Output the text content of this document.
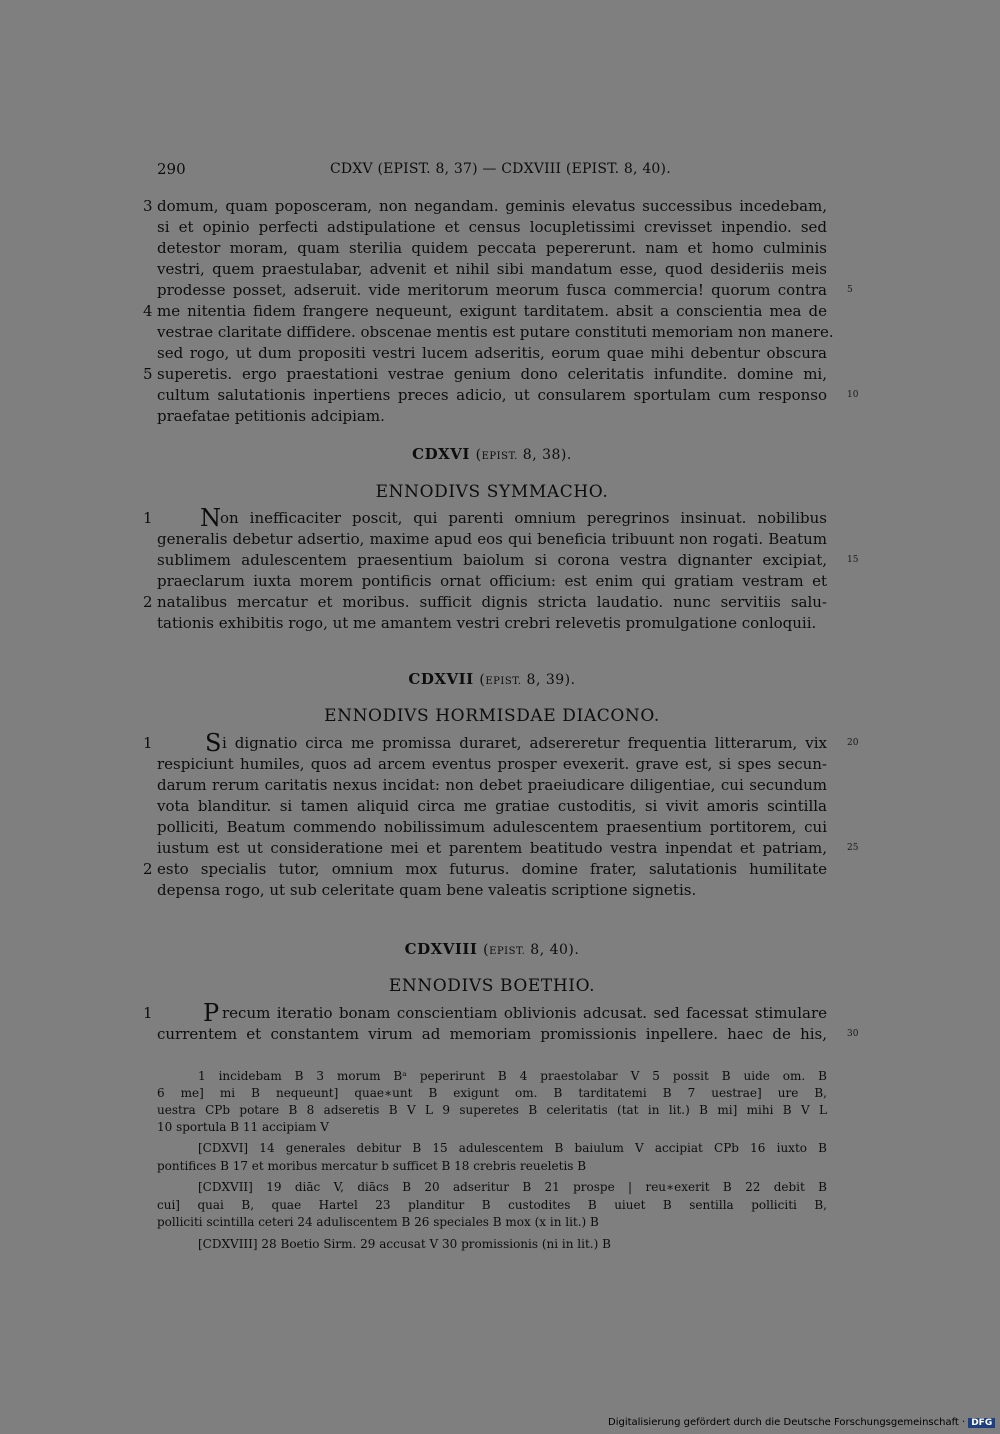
290	CDXV (EPIST. 8, 37) — CDXVIII (EPIST. 8, 40).
domum, quam poposceram, non negandam. geminis elevatus successibus incedebam,
si et opinio perfecti adstipulatione et census locupletissimi crevisset inpendio. sed
detestor moram, quam sterilia quidem peccata pepererunt. nam et homo culminis
vestri, quem praestulabar, advenit et nihil sibi mandatum esse, quod desideriis meis
prodesse posset, adseruit. vide meritorum meorum fusca commercia! quorum contra
me nitentia fidem frangere nequeunt, exigunt tarditatem. absit a conscientia mea de
vestrae claritate diffidere. obscenae mentis est putare constituti memoriam non manere.
sed rogo, ut dum propositi vestri lucem adseritis, eorum quae mihi debentur obscura
superetis. ergo praestationi vestrae genium dono celeritatis infundite. domine mi,
cultum salutationis inpertiens preces adicio, ut consularem sportulam cum responso
praefatae petitionis adcipiam.
3
4
5
5
10
CDXVI (EPIST. 8, 38).
ENNODIVS SYMMACHO.
N on inefficaciter poscit, qui parenti omnium peregrinos insinuat. nobilibus
generalis debetur adsertio, maxime apud eos qui beneficia tribuunt non rogati. Beatum
sublimem adulescentem praesentium baiolum si corona vestra dignanter excipiat,
praeclarum iuxta morem pontificis ornat officium: est enim qui gratiam vestram et
natalibus mercatur et moribus. sufficit dignis stricta laudatio. nunc servitiis salu-
tationis exhibitis rogo, ut me amantem vestri crebri relevetis promulgatione conloquii.
1
2
15
CDXVII (EPIST. 8, 39).
ENNODIVS HORMISDAE DIACONO.
S i dignatio circa me promissa duraret, adsereretur frequentia litterarum, vix
respiciunt humiles, quos ad arcem eventus prosper evexerit. grave est, si spes secun-
darum rerum caritatis nexus incidat: non debet praeiudicare diligentiae, cui secundum
vota blanditur. si tamen aliquid circa me gratiae custoditis, si vivit amoris scintilla
polliciti, Beatum commendo nobilissimum adulescentem praesentium portitorem, cui
iustum est ut consideratione mei et parentem beatitudo vestra inpendat et patriam,
esto specialis tutor, omnium mox futurus. domine frater, salutationis humilitate
depensa rogo, ut sub celeritate quam bene valeatis scriptione signetis.
1
2
20
25
CDXVIII (EPIST. 8, 40).
ENNODIVS BOETHIO.
P recum iteratio bonam conscientiam oblivionis adcusat. sed facessat stimulare
currentem et constantem virum ad memoriam promissionis inpellere. haec de his,
1
30
1 incidebam B 3 morum Bᵃ peperirunt B 4 praestolabar V 5 possit B uide om. B
6 me] mi B nequeunt] quae∗unt B exigunt om. B tarditatemi B 7 uestrae] ure B,
uestra CPb potare B 8 adseretis B V L 9 superetes B celeritatis (tat in lit.) B mi] mihi B V L
10 sportula B 11 accipiam V
[CDXVI] 14 generales debitur B 15 adulescentem B baiulum V accipiat CPb 16 iuxto B
pontifices B 17 et moribus mercatur b sufficet B 18 crebris reueletis B
[CDXVII] 19 diāc V, diācs B 20 adseritur B 21 prospe | reu∗exerit B 22 debit B
cui] quai B, quae Hartel 23 planditur B custodites B uiuet B sentilla polliciti B,
polliciti scintilla ceteri 24 aduliscentem B 26 speciales B mox (x in lit.) B
[CDXVIII] 28 Boetio Sirm. 29 accusat V 30 promissionis (ni in lit.) B
Digitalisierung gefördert durch die Deutsche Forschungsgemeinschaft · DFG
